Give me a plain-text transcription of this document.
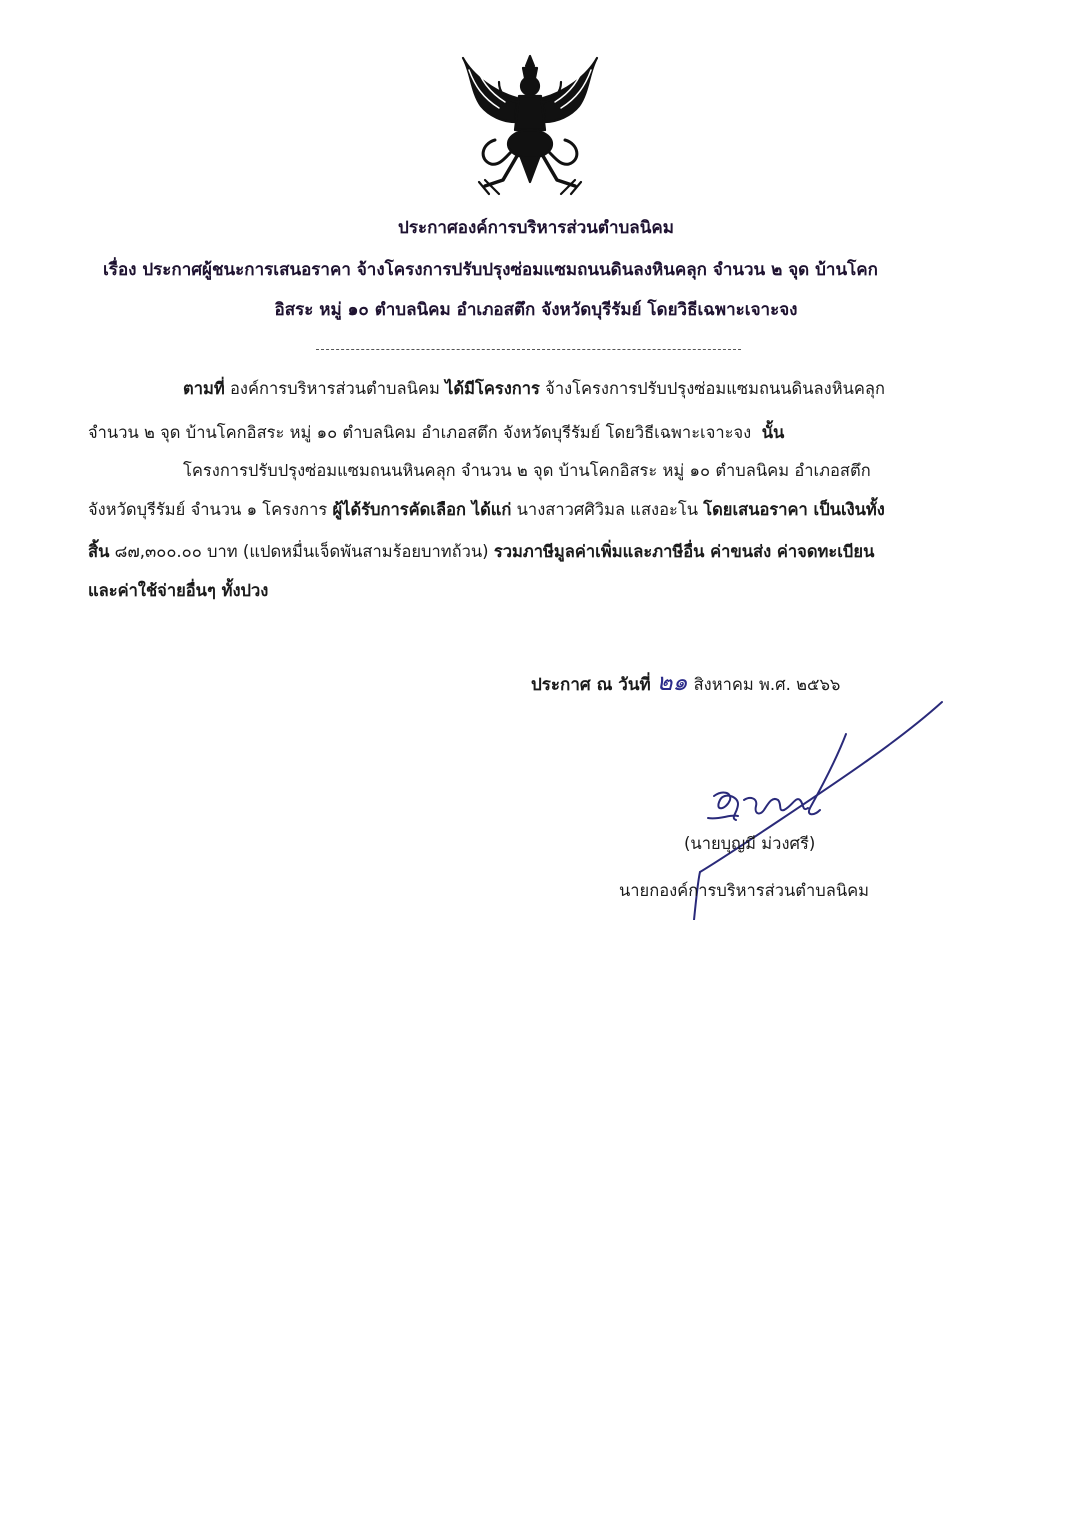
ประกาศองค์การบริหารส่วนตำบลนิคม
เรื่อง ประกาศผู้ชนะการเสนอราคา จ้างโครงการปรับปรุงซ่อมแซมถนนดินลงหินคลุก จำนวน ๒ จุด บ้านโคก
อิสระ หมู่ ๑๐ ตำบลนิคม อำเภอสตึก จังหวัดบุรีรัมย์ โดยวิธีเฉพาะเจาะจง
ตามที่ องค์การบริหารส่วนตำบลนิคม ได้มีโครงการ จ้างโครงการปรับปรุงซ่อมแซมถนนดินลงหินคลุก
จำนวน ๒ จุด บ้านโคกอิสระ หมู่ ๑๐ ตำบลนิคม อำเภอสตึก จังหวัดบุรีรัมย์ โดยวิธีเฉพาะเจาะจง นั้น
โครงการปรับปรุงซ่อมแซมถนนหินคลุก จำนวน ๒ จุด บ้านโคกอิสระ หมู่ ๑๐ ตำบลนิคม อำเภอสตึก
จังหวัดบุรีรัมย์ จำนวน ๑ โครงการ ผู้ได้รับการคัดเลือก ได้แก่ นางสาวศศิวิมล แสงอะโน โดยเสนอราคา เป็นเงินทั้ง
สิ้น ๘๗,๓๐๐.๐๐ บาท (แปดหมื่นเจ็ดพันสามร้อยบาทถ้วน) รวมภาษีมูลค่าเพิ่มและภาษีอื่น ค่าขนส่ง ค่าจดทะเบียน
และค่าใช้จ่ายอื่นๆ ทั้งปวง
ประกาศ ณ วันที่ ๒๑ สิงหาคม พ.ศ. ๒๕๖๖
(นายบุญมี ม่วงศรี)
นายกองค์การบริหารส่วนตำบลนิคม
